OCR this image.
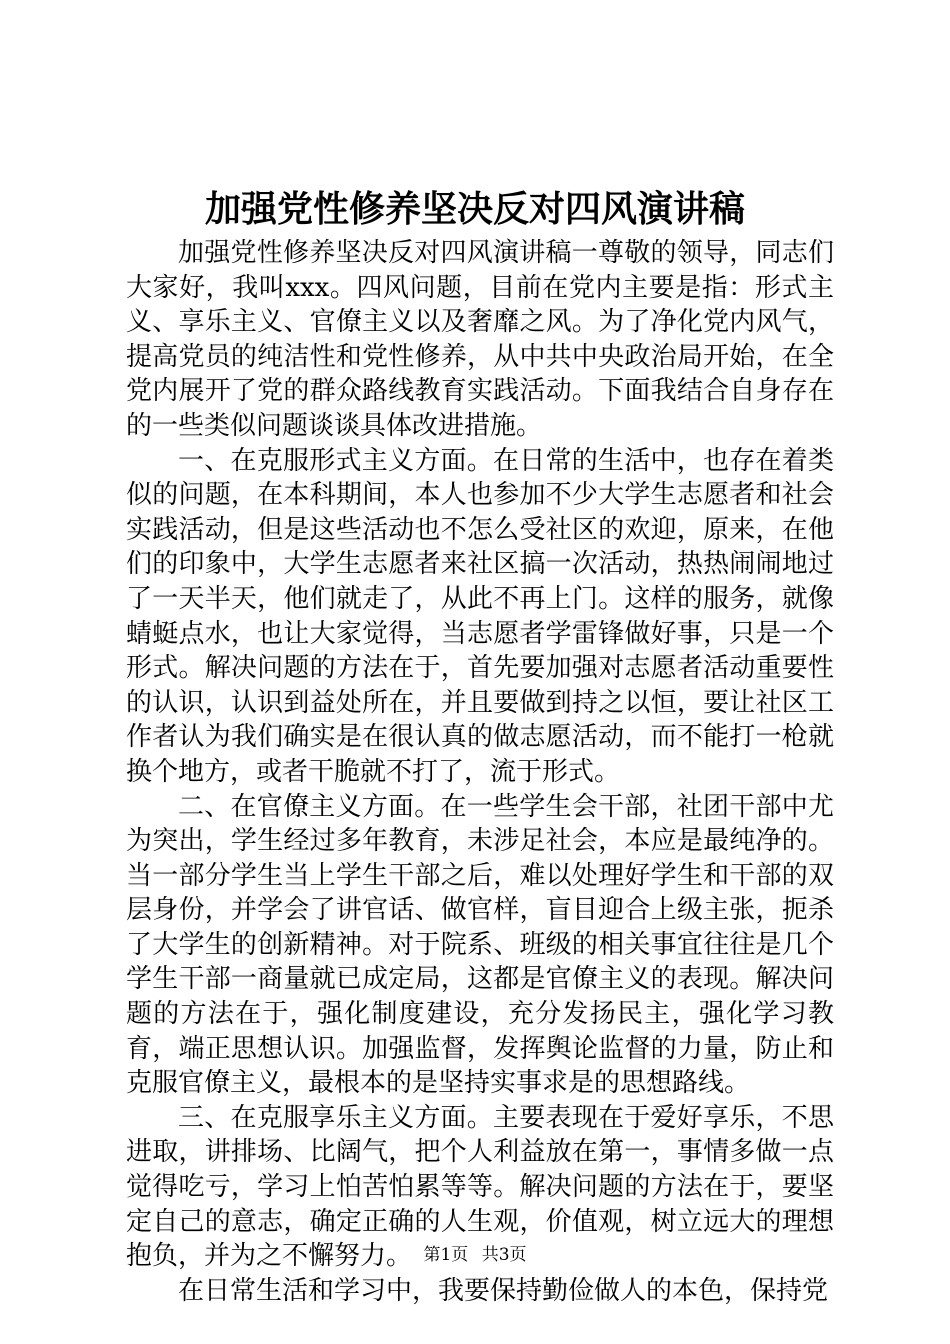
加强党性修养坚决反对四风演讲稿

加强党性修养坚决反对四风演讲稿一尊敬的领导，同志们大家好，我叫xxx。四风问题，目前在党内主要是指：形式主义、享乐主义、官僚主义以及奢靡之风。为了净化党内风气，提高党员的纯洁性和党性修养，从中共中央政治局开始，在全党内展开了党的群众路线教育实践活动。下面我结合自身存在的一些类似问题谈谈具体改进措施。

一、在克服形式主义方面。在日常的生活中，也存在着类似的问题，在本科期间，本人也参加不少大学生志愿者和社会实践活动，但是这些活动也不怎么受社区的欢迎，原来，在他们的印象中，大学生志愿者来社区搞一次活动，热热闹闹地过了一天半天，他们就走了，从此不再上门。这样的服务，就像蜻蜓点水，也让大家觉得，当志愿者学雷锋做好事，只是一个形式。解决问题的方法在于，首先要加强对志愿者活动重要性的认识，认识到益处所在，并且要做到持之以恒，要让社区工作者认为我们确实是在很认真的做志愿活动，而不能打一枪就换个地方，或者干脆就不打了，流于形式。

二、在官僚主义方面。在一些学生会干部，社团干部中尤为突出，学生经过多年教育，未涉足社会，本应是最纯净的。当一部分学生当上学生干部之后，难以处理好学生和干部的双层身份，并学会了讲官话、做官样，盲目迎合上级主张，扼杀了大学生的创新精神。对于院系、班级的相关事宜往往是几个学生干部一商量就已成定局，这都是官僚主义的表现。解决问题的方法在于，强化制度建设，充分发扬民主，强化学习教育，端正思想认识。加强监督，发挥舆论监督的力量，防止和克服官僚主义，最根本的是坚持实事求是的思想路线。

三、在克服享乐主义方面。主要表现在于爱好享乐，不思进取，讲排场、比阔气，把个人利益放在第一，事情多做一点觉得吃亏，学习上怕苦怕累等等。解决问题的方法在于，要坚定自己的意志，确定正确的人生观，价值观，树立远大的理想抱负，并为之不懈努力。

在日常生活和学习中，我要保持勤俭做人的本色，保持党

第1页 共3页
